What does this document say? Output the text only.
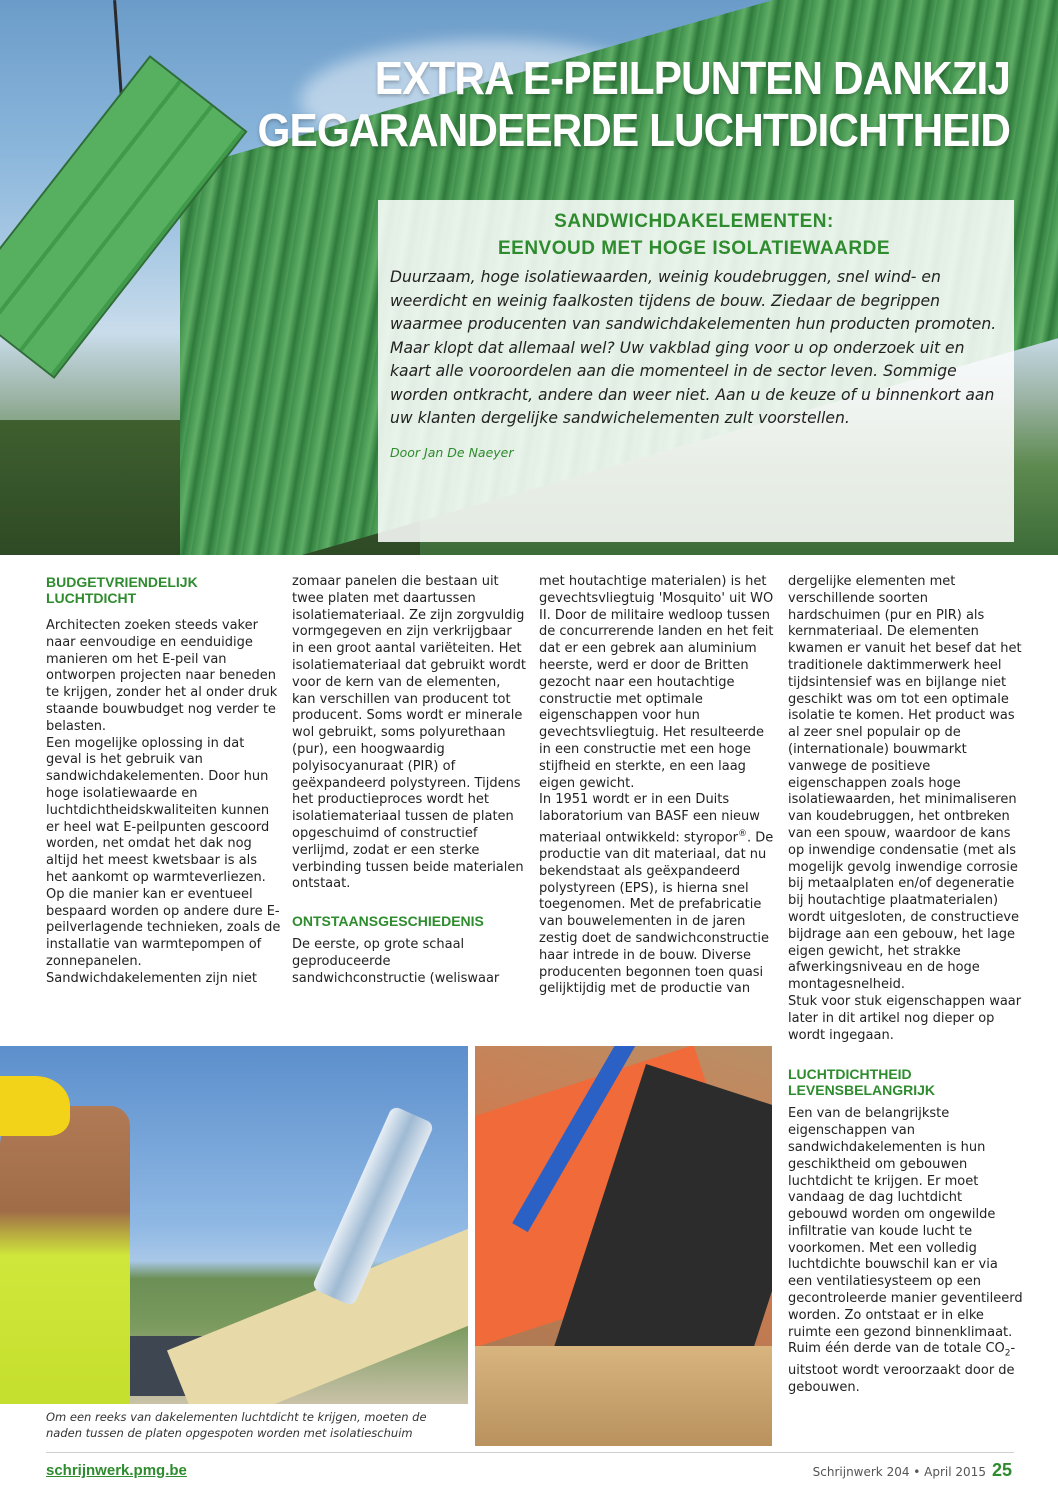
EXTRA E-PEILPUNTEN DANKZIJ
GEGARANDEERDE LUCHTDICHTHEID
SANDWICHDAKELEMENTEN:
EENVOUD MET HOGE ISOLATIEWAARDE

Duurzaam, hoge isolatiewaarden, weinig koudebruggen, snel wind- en weerdicht en weinig faalkosten tijdens de bouw. Ziedaar de begrippen waarmee producenten van sandwichdakelementen hun producten promoten. Maar klopt dat allemaal wel? Uw vakblad ging voor u op onderzoek uit en kaart alle vooroordelen aan die momenteel in de sector leven. Sommige worden ontkracht, andere dan weer niet. Aan u de keuze of u binnenkort aan uw klanten dergelijke sandwichelementen zult voorstellen.

Door Jan De Naeyer
BUDGETVRIENDELIJK LUCHTDICHT

Architecten zoeken steeds vaker naar eenvoudige en eenduidige manieren om het E-peil van ontworpen projecten naar beneden te krijgen, zonder het al onder druk staande bouwbudget nog verder te belasten.

Een mogelijke oplossing in dat geval is het gebruik van sandwichdakelementen. Door hun hoge isolatiewaarde en luchtdichtheidskwaliteiten kunnen er heel wat E-peilpunten gescoord worden, net omdat het dak nog altijd het meest kwetsbaar is als het aankomt op warmteverliezen. Op die manier kan er eventueel bespaard worden op andere dure E-peilverlagende technieken, zoals de installatie van warmtepompen of zonnepanelen.

Sandwichdakelementen zijn niet

zomaar panelen die bestaan uit twee platen met daartussen isolatiemateriaal. Ze zijn zorgvuldig vormgegeven en zijn verkrijgbaar in een groot aantal variëteiten. Het isolatiemateriaal dat gebruikt wordt voor de kern van de elementen, kan verschillen van producent tot producent. Soms wordt er minerale wol gebruikt, soms polyurethaan (pur), een hoogwaardig polyisocyanuraat (PIR) of geëxpandeerd polystyreen. Tijdens het productieproces wordt het isolatiemateriaal tussen de platen opgeschuimd of constructief verlijmd, zodat er een sterke verbinding tussen beide materialen ontstaat.

ONTSTAANSGESCHIEDENIS

De eerste, op grote schaal geproduceerde sandwichconstructie (weliswaar

met houtachtige materialen) is het gevechtsvliegtuig 'Mosquito' uit WO II. Door de militaire wedloop tussen de concurrerende landen en het feit dat er een gebrek aan aluminium heerste, werd er door de Britten gezocht naar een houtachtige constructie met optimale eigenschappen voor hun gevechtsvliegtuig. Het resulteerde in een constructie met een hoge stijfheid en sterkte, en een laag eigen gewicht.

In 1951 wordt er in een Duits laboratorium van BASF een nieuw materiaal ontwikkeld: styropor®. De productie van dit materiaal, dat nu bekendstaat als geëxpandeerd polystyreen (EPS), is hierna snel toegenomen. Met de prefabricatie van bouwelementen in de jaren zestig doet de sandwichconstructie haar intrede in de bouw. Diverse producenten begonnen toen quasi gelijktijdig met de productie van

dergelijke elementen met verschillende soorten hardschuimen (pur en PIR) als kernmateriaal. De elementen kwamen er vanuit het besef dat het traditionele daktimmerwerk heel tijdsintensief was en bijlange niet geschikt was om tot een optimale isolatie te komen. Het product was al zeer snel populair op de (internationale) bouwmarkt vanwege de positieve eigenschappen zoals hoge isolatiewaarden, het minimaliseren van koudebruggen, het ontbreken van een spouw, waardoor de kans op inwendige condensatie (met als mogelijk gevolg inwendige corrosie bij metaalplaten en/of degeneratie bij houtachtige plaatmaterialen) wordt uitgesloten, de constructieve bijdrage aan een gebouw, het lage eigen gewicht, het strakke afwerkingsniveau en de hoge montagesnelheid.

Stuk voor stuk eigenschappen waar later in dit artikel nog dieper op wordt ingegaan.

LUCHTDICHTHEID LEVENSBELANGRIJK

Een van de belangrijkste eigenschappen van sandwichdakelementen is hun geschiktheid om gebouwen luchtdicht te krijgen. Er moet vandaag de dag luchtdicht gebouwd worden om ongewilde infiltratie van koude lucht te voorkomen. Met een volledig luchtdichte bouwschil kan er via een ventilatiesysteem op een gecontroleerde manier geventileerd worden. Zo ontstaat er in elke ruimte een gezond binnenklimaat. Ruim één derde van de totale $CO_2$-uitstoot wordt veroorzaakt door de gebouwen.

Om een reeks van dakelementen luchtdicht te krijgen, moeten de naden tussen de platen opgespoten worden met isolatieschuim
schrijnwerk.pmg.be	Schrijnwerk 204 • April 2015 25
